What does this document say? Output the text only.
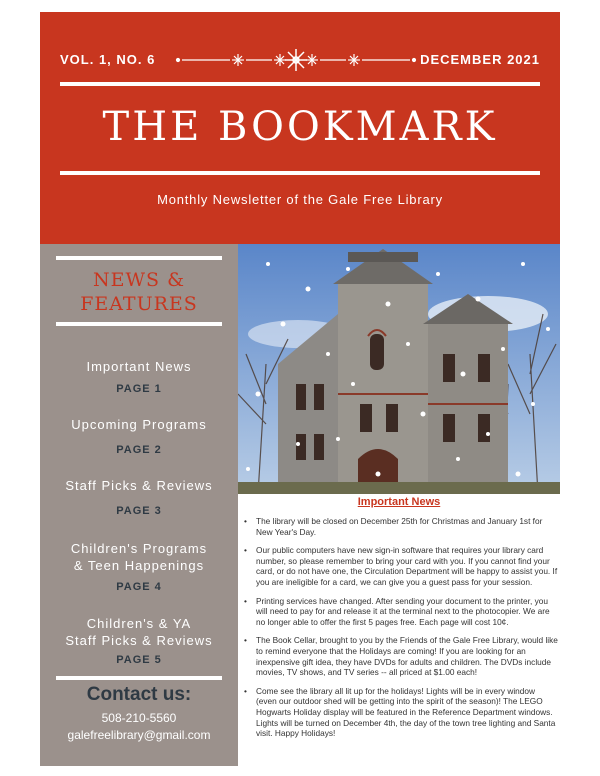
VOL. 1, NO. 6	DECEMBER 2021
THE BOOKMARK
Monthly Newsletter of the Gale Free Library
NEWS &
FEATURES
Important News
PAGE 1
Upcoming Programs
PAGE 2
Staff Picks & Reviews
PAGE 3
Children's Programs
& Teen Happenings
PAGE 4
Children's & YA
Staff Picks & Reviews
PAGE 5
Contact us:
508-210-5560
galefreelibrary@gmail.com
Important News
• The library will be closed on December 25th for Christmas and January 1st for New Year's Day.
• Our public computers have new sign-in software that requires your library card number, so please remember to bring your card with you. If you cannot find your card, or do not have one, the Circulation Department will be happy to assist you. If you are ineligible for a card, we can give you a guest pass for your session.
• Printing services have changed. After sending your document to the printer, you will need to pay for and release it at the terminal next to the photocopier. We are no longer able to offer the first 5 pages free. Each page will cost 10¢.
• The Book Cellar, brought to you by the Friends of the Gale Free Library, would like to remind everyone that the Holidays are coming! If you are looking for an inexpensive gift idea, they have DVDs for adults and children. The DVDs include movies, TV shows, and TV series -- all priced at $1.00 each!
• Come see the library all lit up for the holidays! Lights will be in every window (even our outdoor shed will be getting into the spirit of the season)! The LEGO Hogwarts Holiday display will be featured in the Reference Department windows. Lights will be turned on December 4th, the day of the town tree lighting and Santa visit. Happy Holidays!
